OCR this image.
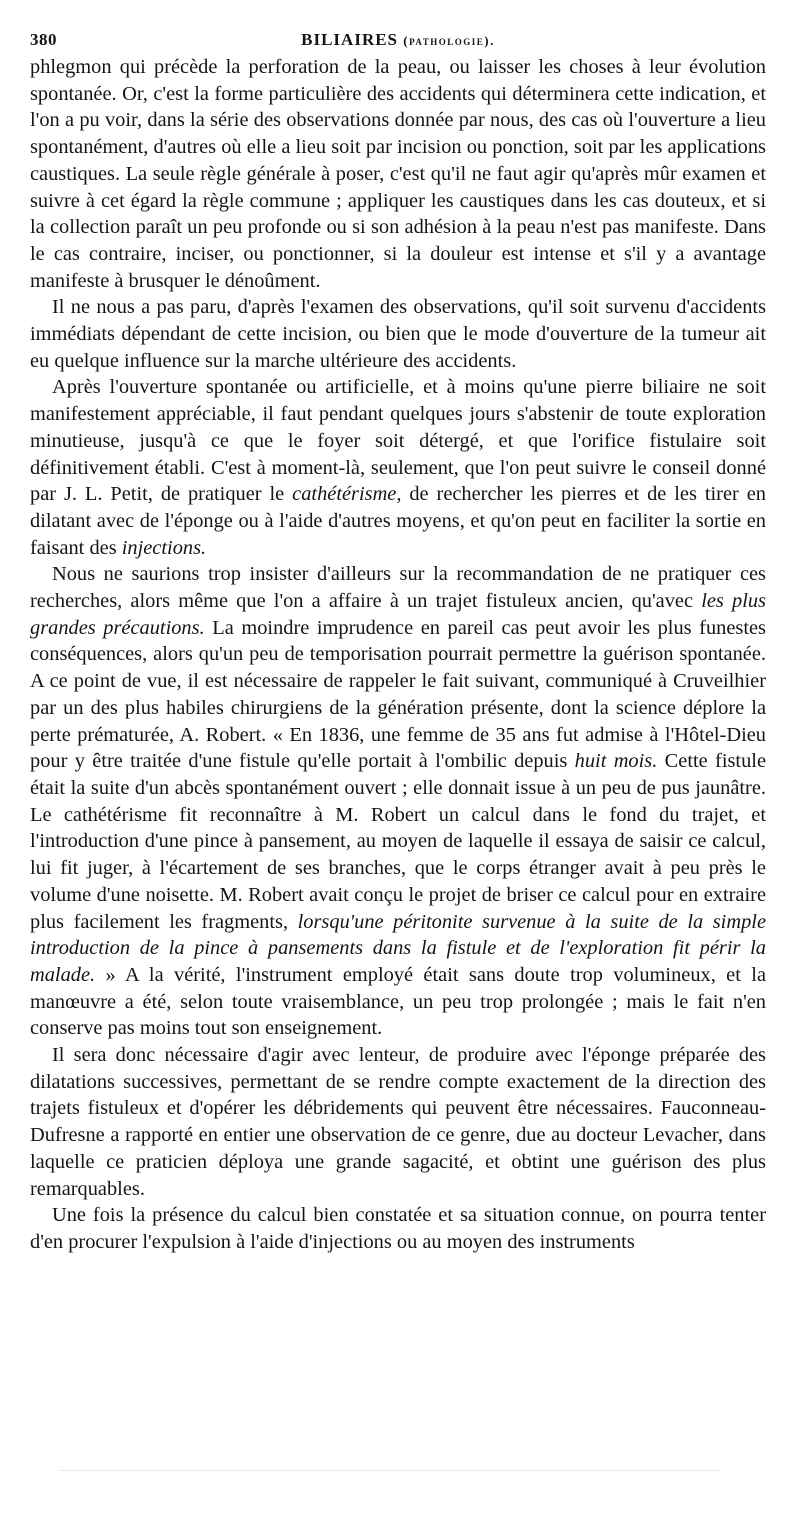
380	BILIAIRES (pathologie).

phlegmon qui précède la perforation de la peau, ou laisser les choses à leur évolution spontanée. Or, c'est la forme particulière des accidents qui déterminera cette indication, et l'on a pu voir, dans la série des observations donnée par nous, des cas où l'ouverture a lieu spontanément, d'autres où elle a lieu soit par incision ou ponction, soit par les applications caustiques. La seule règle générale à poser, c'est qu'il ne faut agir qu'après mûr examen et suivre à cet égard la règle commune ; appliquer les caustiques dans les cas douteux, et si la collection paraît un peu profonde ou si son adhésion à la peau n'est pas manifeste. Dans le cas contraire, inciser, ou ponctionner, si la douleur est intense et s'il y a avantage manifeste à brusquer le dénoûment.

Il ne nous a pas paru, d'après l'examen des observations, qu'il soit survenu d'accidents immédiats dépendant de cette incision, ou bien que le mode d'ouverture de la tumeur ait eu quelque influence sur la marche ultérieure des accidents.

Après l'ouverture spontanée ou artificielle, et à moins qu'une pierre biliaire ne soit manifestement appréciable, il faut pendant quelques jours s'abstenir de toute exploration minutieuse, jusqu'à ce que le foyer soit détergé, et que l'orifice fistulaire soit définitivement établi. C'est à moment-là, seulement, que l'on peut suivre le conseil donné par J. L. Petit, de pratiquer le cathétérisme, de rechercher les pierres et de les tirer en dilatant avec de l'éponge ou à l'aide d'autres moyens, et qu'on peut en faciliter la sortie en faisant des injections.

Nous ne saurions trop insister d'ailleurs sur la recommandation de ne pratiquer ces recherches, alors même que l'on a affaire à un trajet fistuleux ancien, qu'avec les plus grandes précautions. La moindre imprudence en pareil cas peut avoir les plus funestes conséquences, alors qu'un peu de temporisation pourrait permettre la guérison spontanée. A ce point de vue, il est nécessaire de rappeler le fait suivant, communiqué à Cruveilhier par un des plus habiles chirurgiens de la génération présente, dont la science déplore la perte prématurée, A. Robert. « En 1836, une femme de 35 ans fut admise à l'Hôtel-Dieu pour y être traitée d'une fistule qu'elle portait à l'ombilic depuis huit mois. Cette fistule était la suite d'un abcès spontanément ouvert ; elle donnait issue à un peu de pus jaunâtre. Le cathétérisme fit reconnaître à M. Robert un calcul dans le fond du trajet, et l'introduction d'une pince à pansement, au moyen de laquelle il essaya de saisir ce calcul, lui fit juger, à l'écartement de ses branches, que le corps étranger avait à peu près le volume d'une noisette. M. Robert avait conçu le projet de briser ce calcul pour en extraire plus facilement les fragments, lorsqu'une péritonite survenue à la suite de la simple introduction de la pince à pansements dans la fistule et de l'exploration fit périr la malade. » A la vérité, l'instrument employé était sans doute trop volumineux, et la manœuvre a été, selon toute vraisemblance, un peu trop prolongée ; mais le fait n'en conserve pas moins tout son enseignement.

Il sera donc nécessaire d'agir avec lenteur, de produire avec l'éponge préparée des dilatations successives, permettant de se rendre compte exactement de la direction des trajets fistuleux et d'opérer les débridements qui peuvent être nécessaires. Fauconneau-Dufresne a rapporté en entier une observation de ce genre, due au docteur Levacher, dans laquelle ce praticien déploya une grande sagacité, et obtint une guérison des plus remarquables.

Une fois la présence du calcul bien constatée et sa situation connue, on pourra tenter d'en procurer l'expulsion à l'aide d'injections ou au moyen des instruments
